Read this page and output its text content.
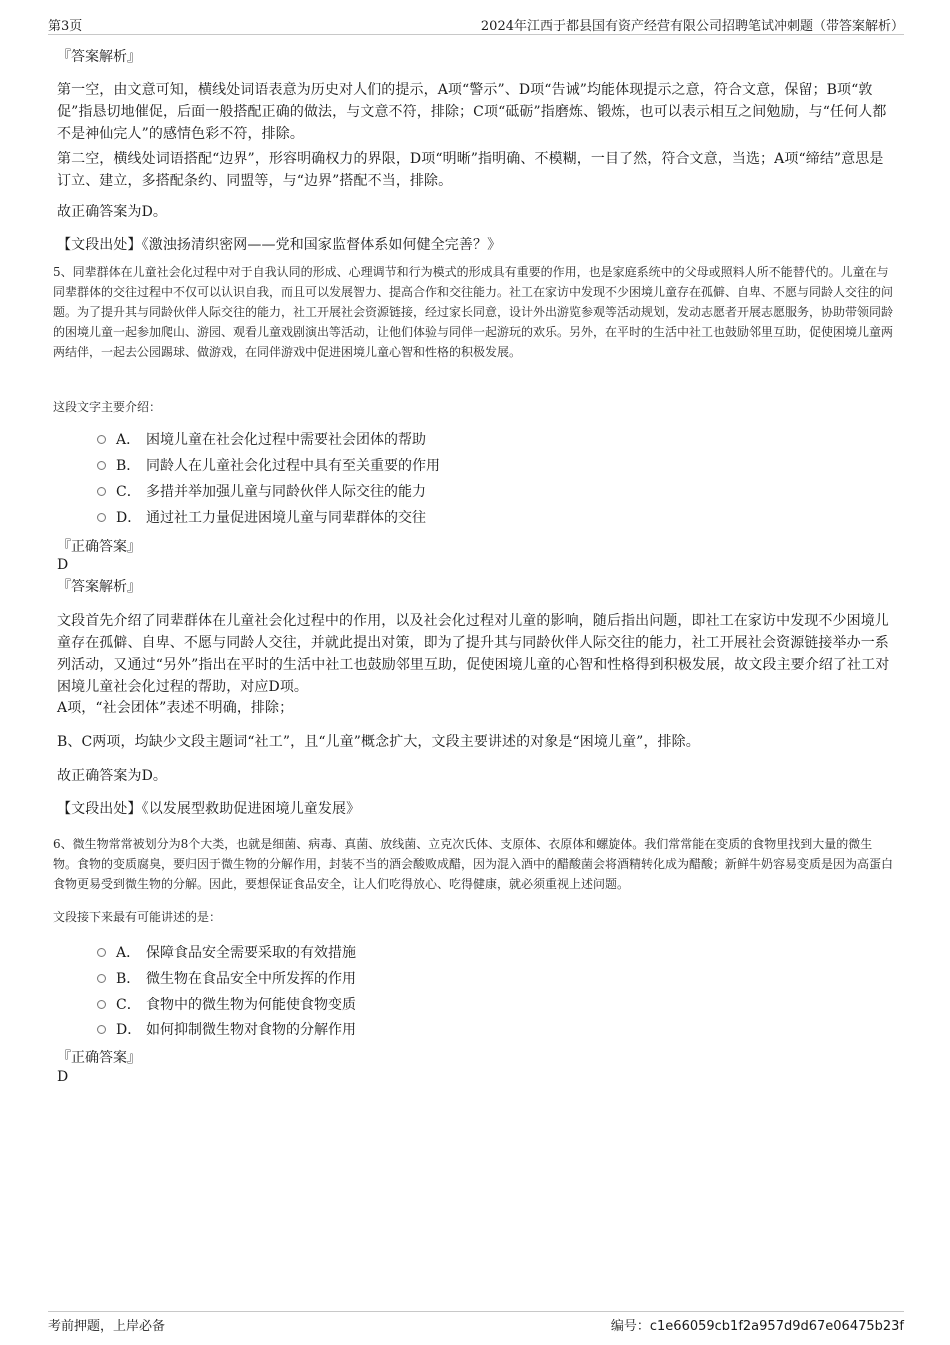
第3页	2024年江西于都县国有资产经营有限公司招聘笔试冲刺题（带答案解析）
『答案解析』

第一空，由文意可知，横线处词语表意为历史对人们的提示，A项“警示”、D项“告诫”均能体现提示之意，符合文意，保留；B项“敦促”指恳切地催促，后面一般搭配正确的做法，与文意不符，排除；C项“砥砺”指磨炼、锻炼，也可以表示相互之间勉励，与“任何人都不是神仙完人”的感情色彩不符，排除。

第二空，横线处词语搭配“边界”，形容明确权力的界限，D项“明晰”指明确、不模糊，一目了然，符合文意，当选；A项“缔结”意思是订立、建立，多搭配条约、同盟等，与“边界”搭配不当，排除。

故正确答案为D。

【文段出处】《激浊扬清织密网——党和国家监督体系如何健全完善？》

5、同辈群体在儿童社会化过程中对于自我认同的形成、心理调节和行为模式的形成具有重要的作用，也是家庭系统中的父母或照料人所不能替代的。儿童在与同辈群体的交往过程中不仅可以认识自我，而且可以发展智力、提高合作和交往能力。社工在家访中发现不少困境儿童存在孤僻、自卑、不愿与同龄人交往的问题。为了提升其与同龄伙伴人际交往的能力，社工开展社会资源链接，经过家长同意，设计外出游览参观等活动规划，发动志愿者开展志愿服务，协助带领同龄的困境儿童一起参加爬山、游园、观看儿童戏剧演出等活动，让他们体验与同伴一起游玩的欢乐。另外，在平时的生活中社工也鼓励邻里互助，促使困境儿童两两结伴，一起去公园踢球、做游戏，在同伴游戏中促进困境儿童心智和性格的积极发展。

这段文字主要介绍：
A． 困境儿童在社会化过程中需要社会团体的帮助
B． 同龄人在儿童社会化过程中具有至关重要的作用
C． 多措并举加强儿童与同龄伙伴人际交往的能力
D． 通过社工力量促进困境儿童与同辈群体的交往
『正确答案』
D
『答案解析』

文段首先介绍了同辈群体在儿童社会化过程中的作用，以及社会化过程对儿童的影响，随后指出问题，即社工在家访中发现不少困境儿童存在孤僻、自卑、不愿与同龄人交往，并就此提出对策，即为了提升其与同龄伙伴人际交往的能力，社工开展社会资源链接举办一系列活动，又通过“另外”指出在平时的生活中社工也鼓励邻里互助，促使困境儿童的心智和性格得到积极发展，故文段主要介绍了社工对困境儿童社会化过程的帮助，对应D项。

A项，“社会团体”表述不明确，排除；

B、C两项，均缺少文段主题词“社工”，且“儿童”概念扩大，文段主要讲述的对象是“困境儿童”，排除。

故正确答案为D。

【文段出处】《以发展型救助促进困境儿童发展》

6、微生物常常被划分为8个大类，也就是细菌、病毒、真菌、放线菌、立克次氏体、支原体、衣原体和螺旋体。我们常常能在变质的食物里找到大量的微生物。食物的变质腐臭，要归因于微生物的分解作用，封装不当的酒会酸败成醋，因为混入酒中的醋酸菌会将酒精转化成为醋酸；新鲜牛奶容易变质是因为高蛋白食物更易受到微生物的分解。因此，要想保证食品安全，让人们吃得放心、吃得健康，就必须重视上述问题。

文段接下来最有可能讲述的是：
A． 保障食品安全需要采取的有效措施
B． 微生物在食品安全中所发挥的作用
C． 食物中的微生物为何能使食物变质
D． 如何抑制微生物对食物的分解作用
『正确答案』
D
考前押题，上岸必备	编号：c1e66059cb1f2a957d9d67e06475b23f
